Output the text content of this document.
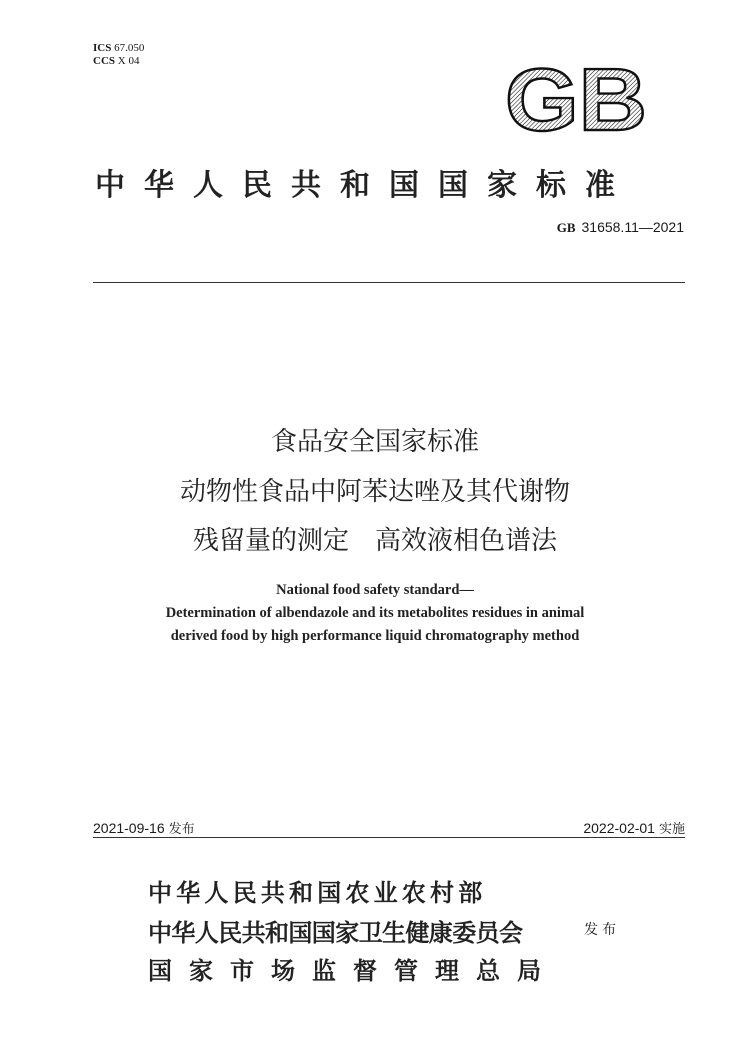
ICS 67.050
CCS X 04	GB
中华人民共和国国家标准
GB 31658.11—2021
食品安全国家标准
动物性食品中阿苯达唑及其代谢物
残留量的测定　高效液相色谱法
National food safety standard—
Determination of albendazole and its metabolites residues in animal
derived food by high performance liquid chromatography method
2021-09-16 发布	2022-02-01 实施
中华人民共和国农业农村部
中华人民共和国国家卫生健康委员会
国家市场监督管理总局
发布
